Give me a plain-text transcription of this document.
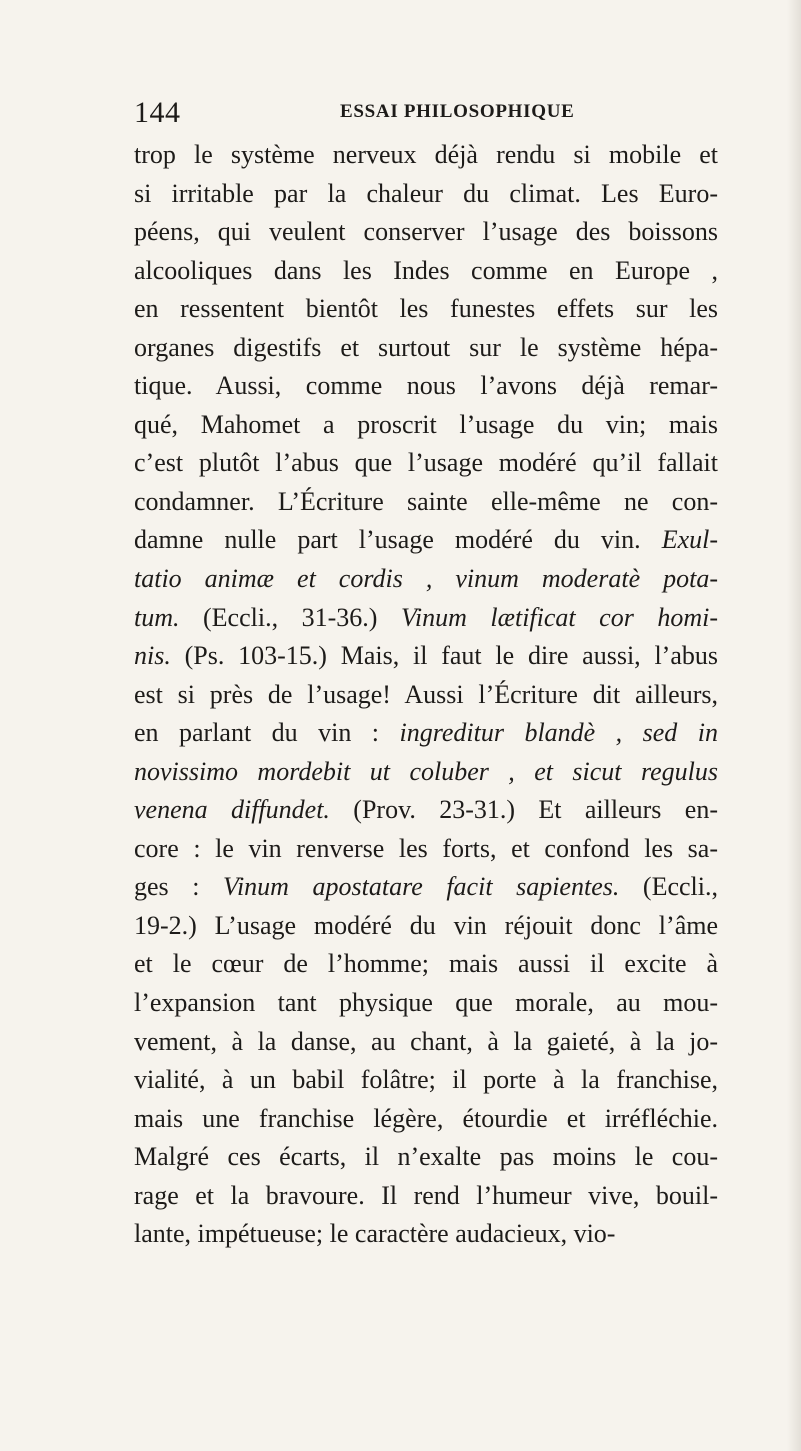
144	ESSAI PHILOSOPHIQUE
trop le système nerveux déjà rendu si mobile et
si irritable par la chaleur du climat. Les Euro-
péens, qui veulent conserver l’usage des boissons
alcooliques dans les Indes comme en Europe ,
en ressentent bientôt les funestes effets sur les
organes digestifs et surtout sur le système hépa-
tique. Aussi, comme nous l’avons déjà remar-
qué, Mahomet a proscrit l’usage du vin; mais
c’est plutôt l’abus que l’usage modéré qu’il fallait
condamner. L’Écriture sainte elle-même ne con-
damne nulle part l’usage modéré du vin. Exul-
tatio animæ et cordis , vinum moderatè pota-
tum. (Eccli., 31-36.) Vinum lætificat cor homi-
nis. (Ps. 103-15.) Mais, il faut le dire aussi, l’abus
est si près de l’usage! Aussi l’Écriture dit ailleurs,
en parlant du vin : ingreditur blandè , sed in
novissimo mordebit ut coluber , et sicut regulus
venena diffundet. (Prov. 23-31.) Et ailleurs en-
core : le vin renverse les forts, et confond les sa-
ges : Vinum apostatare facit sapientes. (Eccli.,
19-2.) L’usage modéré du vin réjouit donc l’âme
et le cœur de l’homme; mais aussi il excite à
l’expansion tant physique que morale, au mou-
vement, à la danse, au chant, à la gaieté, à la jo-
vialité, à un babil folâtre; il porte à la franchise,
mais une franchise légère, étourdie et irréfléchie.
Malgré ces écarts, il n’exalte pas moins le cou-
rage et la bravoure. Il rend l’humeur vive, bouil-
lante, impétueuse; le caractère audacieux, vio-
